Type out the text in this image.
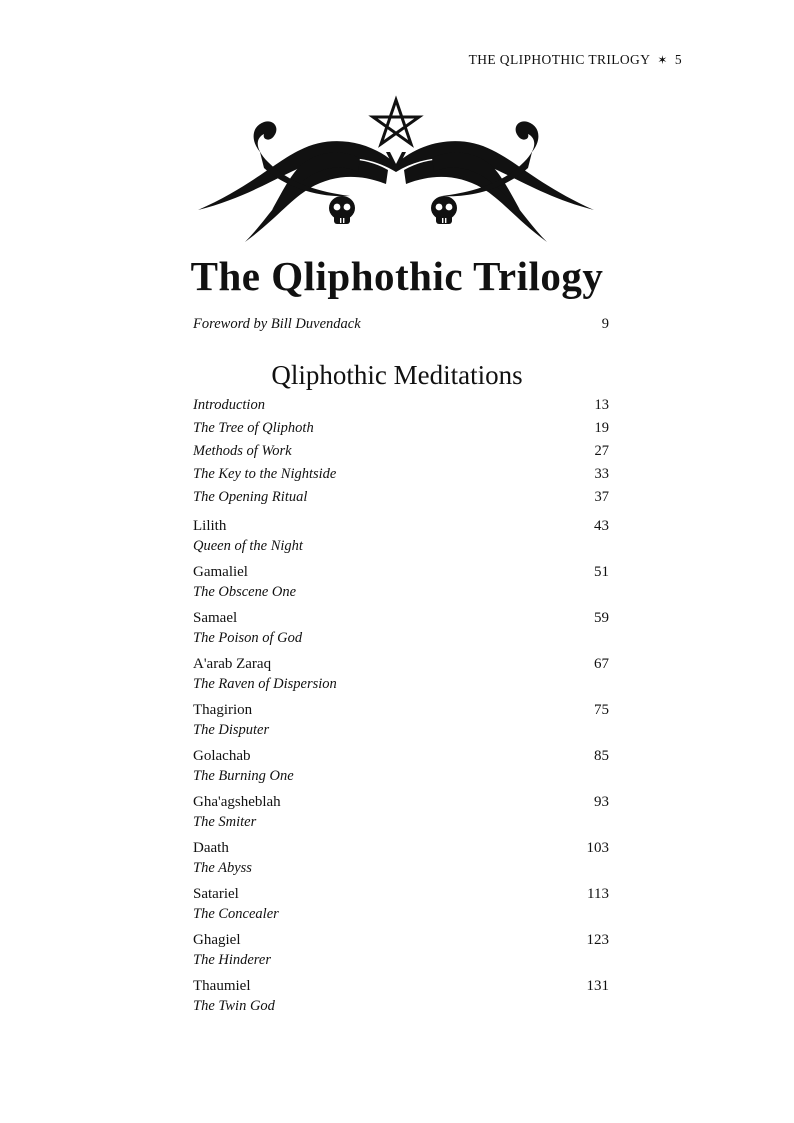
THE QLIPHOTHIC TRILOGY ✶ 5
The Qliphothic Trilogy
Foreword by Bill Duvendack	9
Qliphothic Meditations
Introduction	13
The Tree of Qliphoth	19
Methods of Work	27
The Key to the Nightside	33
The Opening Ritual	37
Lilith	43
Queen of the Night
Gamaliel	51
The Obscene One
Samael	59
The Poison of God
A'arab Zaraq	67
The Raven of Dispersion
Thagirion	75
The Disputer
Golachab	85
The Burning One
Gha'agsheblah	93
The Smiter
Daath	103
The Abyss
Satariel	113
The Concealer
Ghagiel	123
The Hinderer
Thaumiel	131
The Twin God
